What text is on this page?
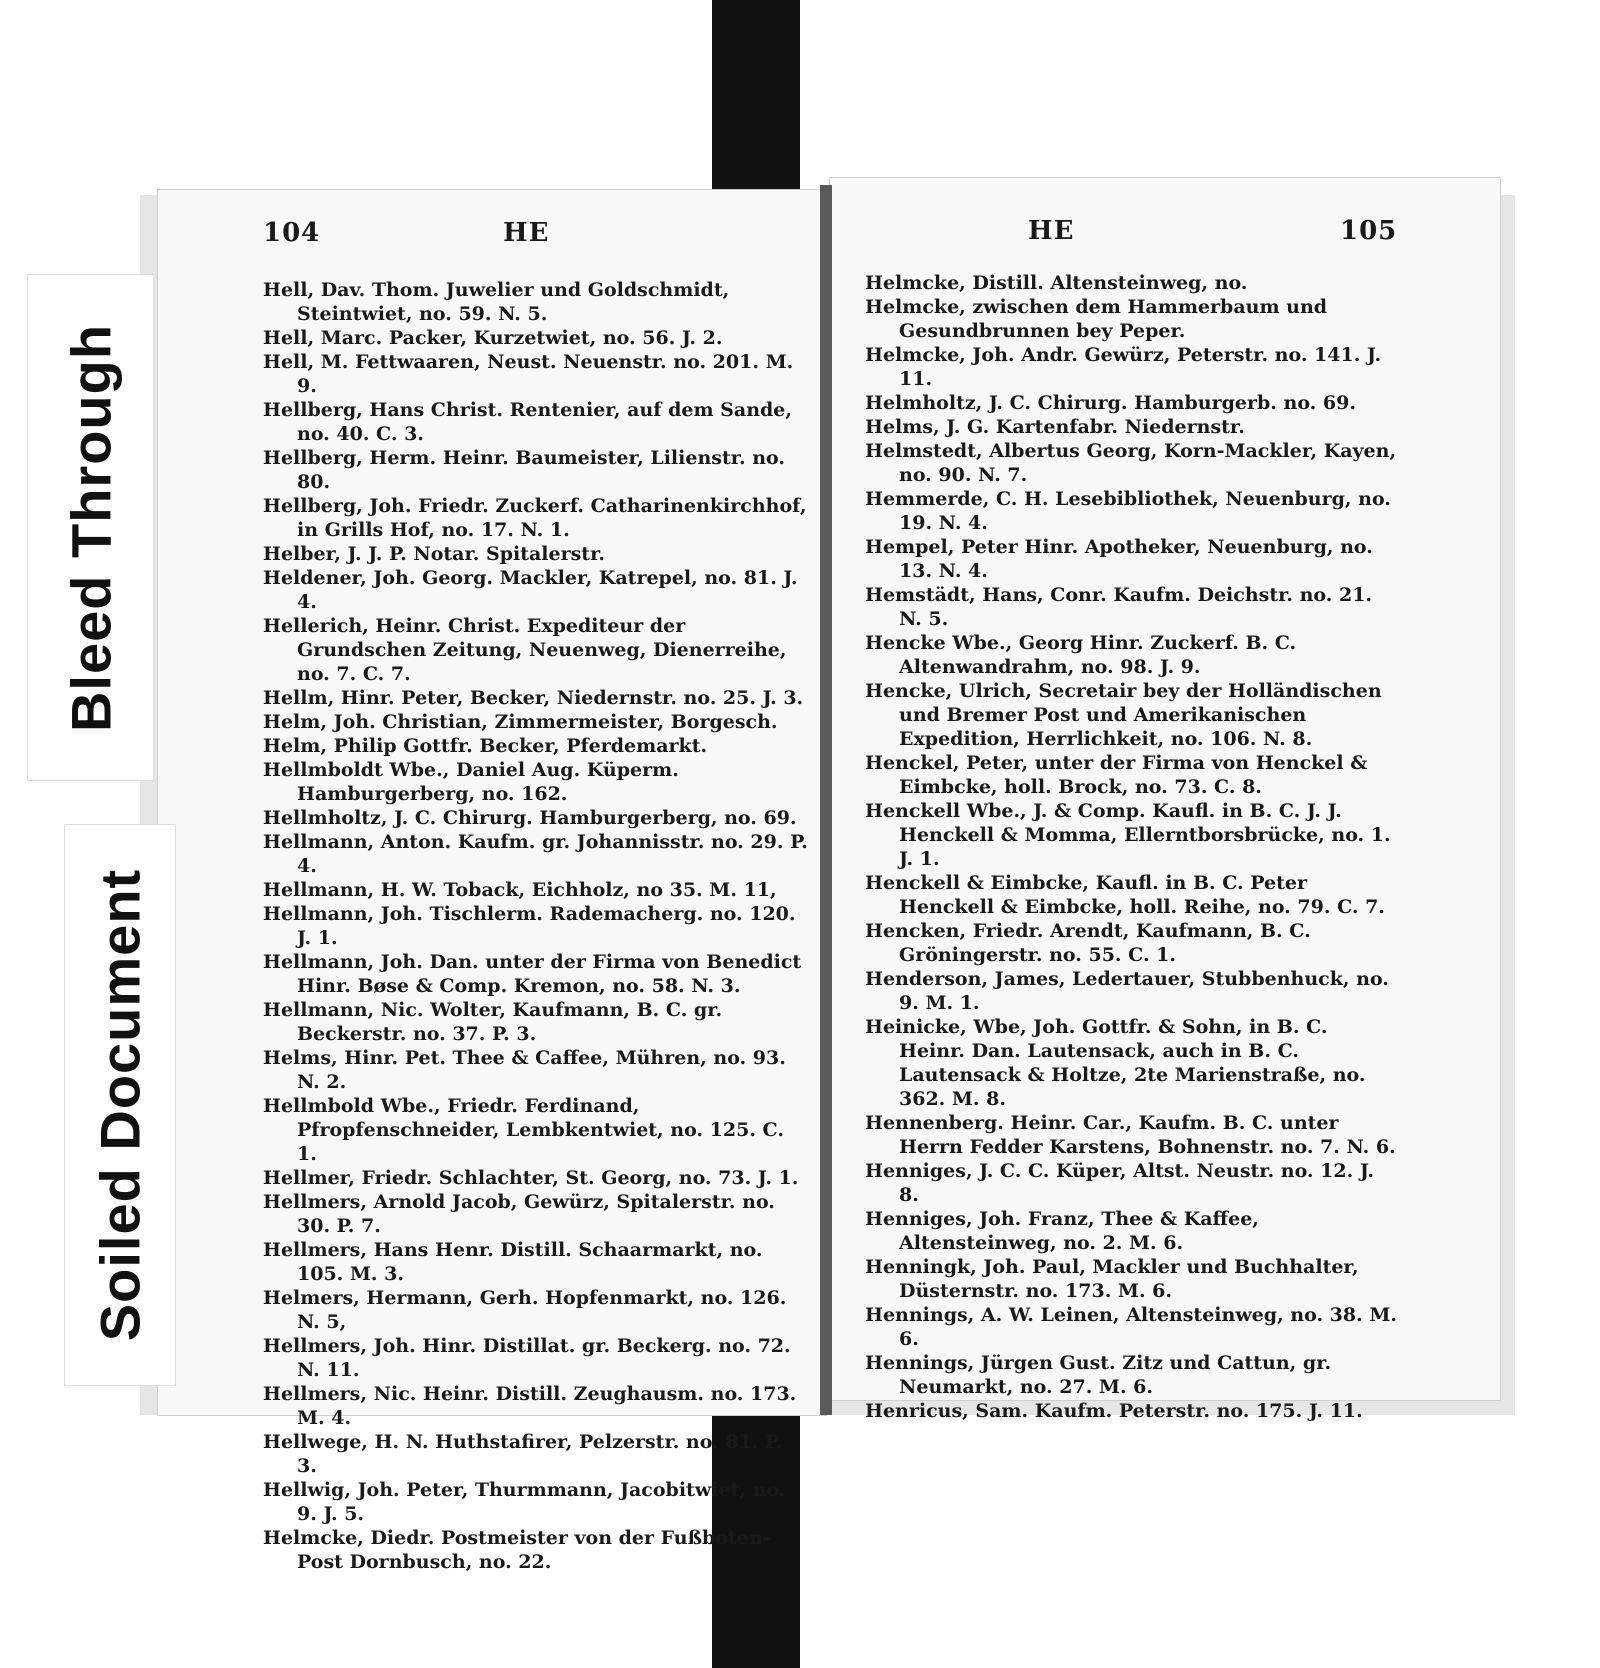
104	HE
Hell, Dav. Thom. Juwelier und Goldschmidt, Steintwiet, no. 59. N. 5.
Hell, Marc. Packer, Kurzetwiet, no. 56. J. 2.
Hell, M. Fettwaaren, Neust. Neuenstr. no. 201. M. 9.
Hellberg, Hans Christ. Rentenier, auf dem Sande, no. 40. C. 3.
Hellberg, Herm. Heinr. Baumeister, Lilienstr. no. 80.
Hellberg, Joh. Friedr. Zuckerf. Catharinenkirchhof, in Grills Hof, no. 17. N. 1.
Helber, J. J. P. Notar. Spitalerstr.
Heldener, Joh. Georg. Mackler, Katrepel, no. 81. J. 4.
Hellerich, Heinr. Christ. Expediteur der Grundschen Zeitung, Neuenweg, Dienerreihe, no. 7. C. 7.
Hellm, Hinr. Peter, Becker, Niedernstr. no. 25. J. 3.
Helm, Joh. Christian, Zimmermeister, Borgesch.
Helm, Philip Gottfr. Becker, Pferdemarkt.
Hellmboldt Wbe., Daniel Aug. Küperm. Hamburgerberg, no. 162.
Hellmholtz, J. C. Chirurg. Hamburgerberg, no. 69.
Hellmann, Anton. Kaufm. gr. Johannisstr. no. 29. P. 4.
Hellmann, H. W. Toback, Eichholz, no 35. M. 11,
Hellmann, Joh. Tischlerm. Rademacherg. no. 120. J. 1.
Hellmann, Joh. Dan. unter der Firma von Benedict Hinr. Bøse & Comp. Kremon, no. 58. N. 3.
Hellmann, Nic. Wolter, Kaufmann, B. C. gr. Beckerstr. no. 37. P. 3.
Helms, Hinr. Pet. Thee & Caffee, Mühren, no. 93. N. 2.
Hellmbold Wbe., Friedr. Ferdinand, Pfropfenschneider, Lembkentwiet, no. 125. C. 1.
Hellmer, Friedr. Schlachter, St. Georg, no. 73. J. 1.
Hellmers, Arnold Jacob, Gewürz, Spitalerstr. no. 30. P. 7.
Hellmers, Hans Henr. Distill. Schaarmarkt, no. 105. M. 3.
Helmers, Hermann, Gerh. Hopfenmarkt, no. 126. N. 5,
Hellmers, Joh. Hinr. Distillat. gr. Beckerg. no. 72. N. 11.
Hellmers, Nic. Heinr. Distill. Zeughausm. no. 173. M. 4.
Hellwege, H. N. Huthstafirer, Pelzerstr. no. 81. P. 3.
Hellwig, Joh. Peter, Thurmmann, Jacobitwiet, no. 9. J. 5.
Helmcke, Diedr. Postmeister von der Fußboten-Post Dornbusch, no. 22.
HE	105
Helmcke, Distill. Altensteinweg, no.
Helmcke, zwischen dem Hammerbaum und Gesundbrunnen bey Peper.
Helmcke, Joh. Andr. Gewürz, Peterstr. no. 141. J. 11.
Helmholtz, J. C. Chirurg. Hamburgerb. no. 69.
Helms, J. G. Kartenfabr. Niedernstr.
Helmstedt, Albertus Georg, Korn-Mackler, Kayen, no. 90. N. 7.
Hemmerde, C. H. Lesebibliothek, Neuenburg, no. 19. N. 4.
Hempel, Peter Hinr. Apotheker, Neuenburg, no. 13. N. 4.
Hemstädt, Hans, Conr. Kaufm. Deichstr. no. 21. N. 5.
Hencke Wbe., Georg Hinr. Zuckerf. B. C. Altenwandrahm, no. 98. J. 9.
Hencke, Ulrich, Secretair bey der Holländischen und Bremer Post und Amerikanischen Expedition, Herrlichkeit, no. 106. N. 8.
Henckel, Peter, unter der Firma von Henckel & Eimbcke, holl. Brock, no. 73. C. 8.
Henckell Wbe., J. & Comp. Kaufl. in B. C. J. J. Henckell & Momma, Ellerntborsbrücke, no. 1. J. 1.
Henckell & Eimbcke, Kaufl. in B. C. Peter Henckell & Eimbcke, holl. Reihe, no. 79. C. 7.
Hencken, Friedr. Arendt, Kaufmann, B. C. Gröningerstr. no. 55. C. 1.
Henderson, James, Ledertauer, Stubbenhuck, no. 9. M. 1.
Heinicke, Wbe, Joh. Gottfr. & Sohn, in B. C. Heinr. Dan. Lautensack, auch in B. C. Lautensack & Holtze, 2te Marienstraße, no. 362. M. 8.
Hennenberg. Heinr. Car., Kaufm. B. C. unter Herrn Fedder Karstens, Bohnenstr. no. 7. N. 6.
Henniges, J. C. C. Küper, Altst. Neustr. no. 12. J. 8.
Henniges, Joh. Franz, Thee & Kaffee, Altensteinweg, no. 2. M. 6.
Henningk, Joh. Paul, Mackler und Buchhalter, Düsternstr. no. 173. M. 6.
Hennings, A. W. Leinen, Altensteinweg, no. 38. M. 6.
Hennings, Jürgen Gust. Zitz und Cattun, gr. Neumarkt, no. 27. M. 6.
Henricus, Sam. Kaufm. Peterstr. no. 175. J. 11.
Bleed Through
Soiled Document
